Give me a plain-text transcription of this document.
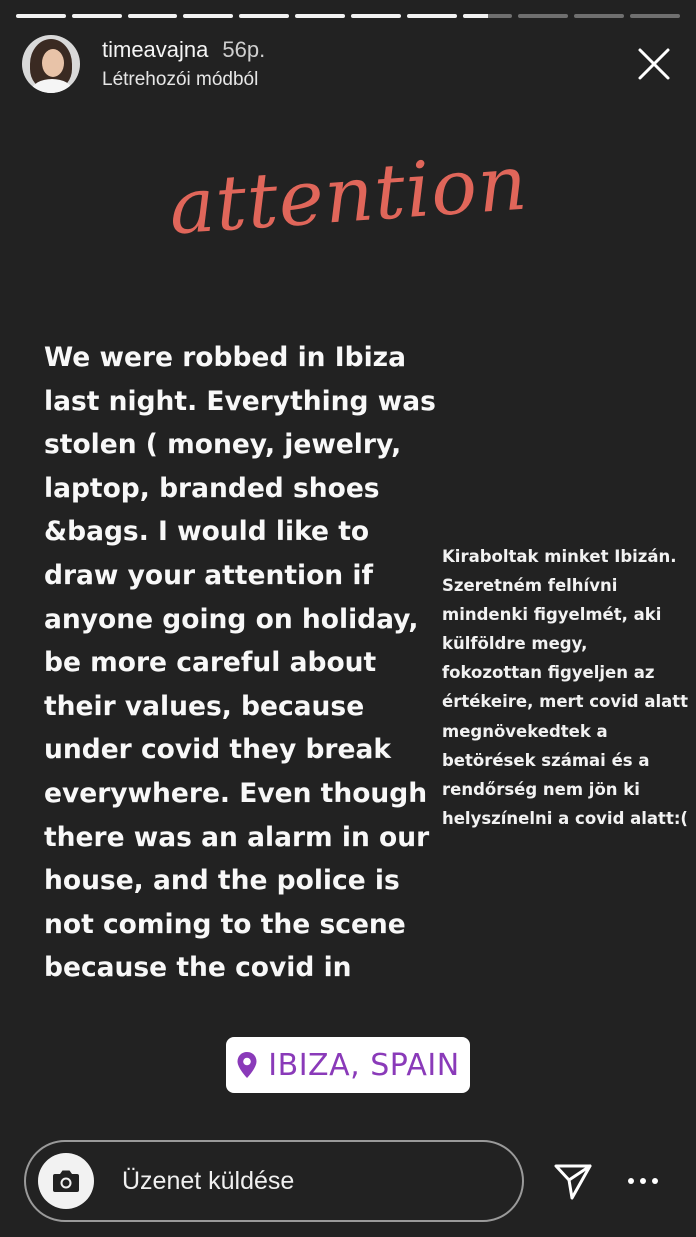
timeavajna 56p.
Létrehozói módból
attention

We were robbed in Ibiza last night. Everything was stolen ( money, jewelry, laptop, branded shoes &bags. I would like to draw your attention if anyone going on holiday, be more careful about their values, because under covid they break everywhere. Even though there was an alarm in our house, and the police is not coming to the scene because the covid in

Kiraboltak minket Ibizán. Szeretném felhívni mindenki figyelmét, aki külföldre megy, fokozottan figyeljen az értékeire, mert covid alatt megnövekedtek a betörések számai és a rendőrség nem jön ki helyszínelni a covid alatt:(

IBIZA, SPAIN
Üzenet küldése
